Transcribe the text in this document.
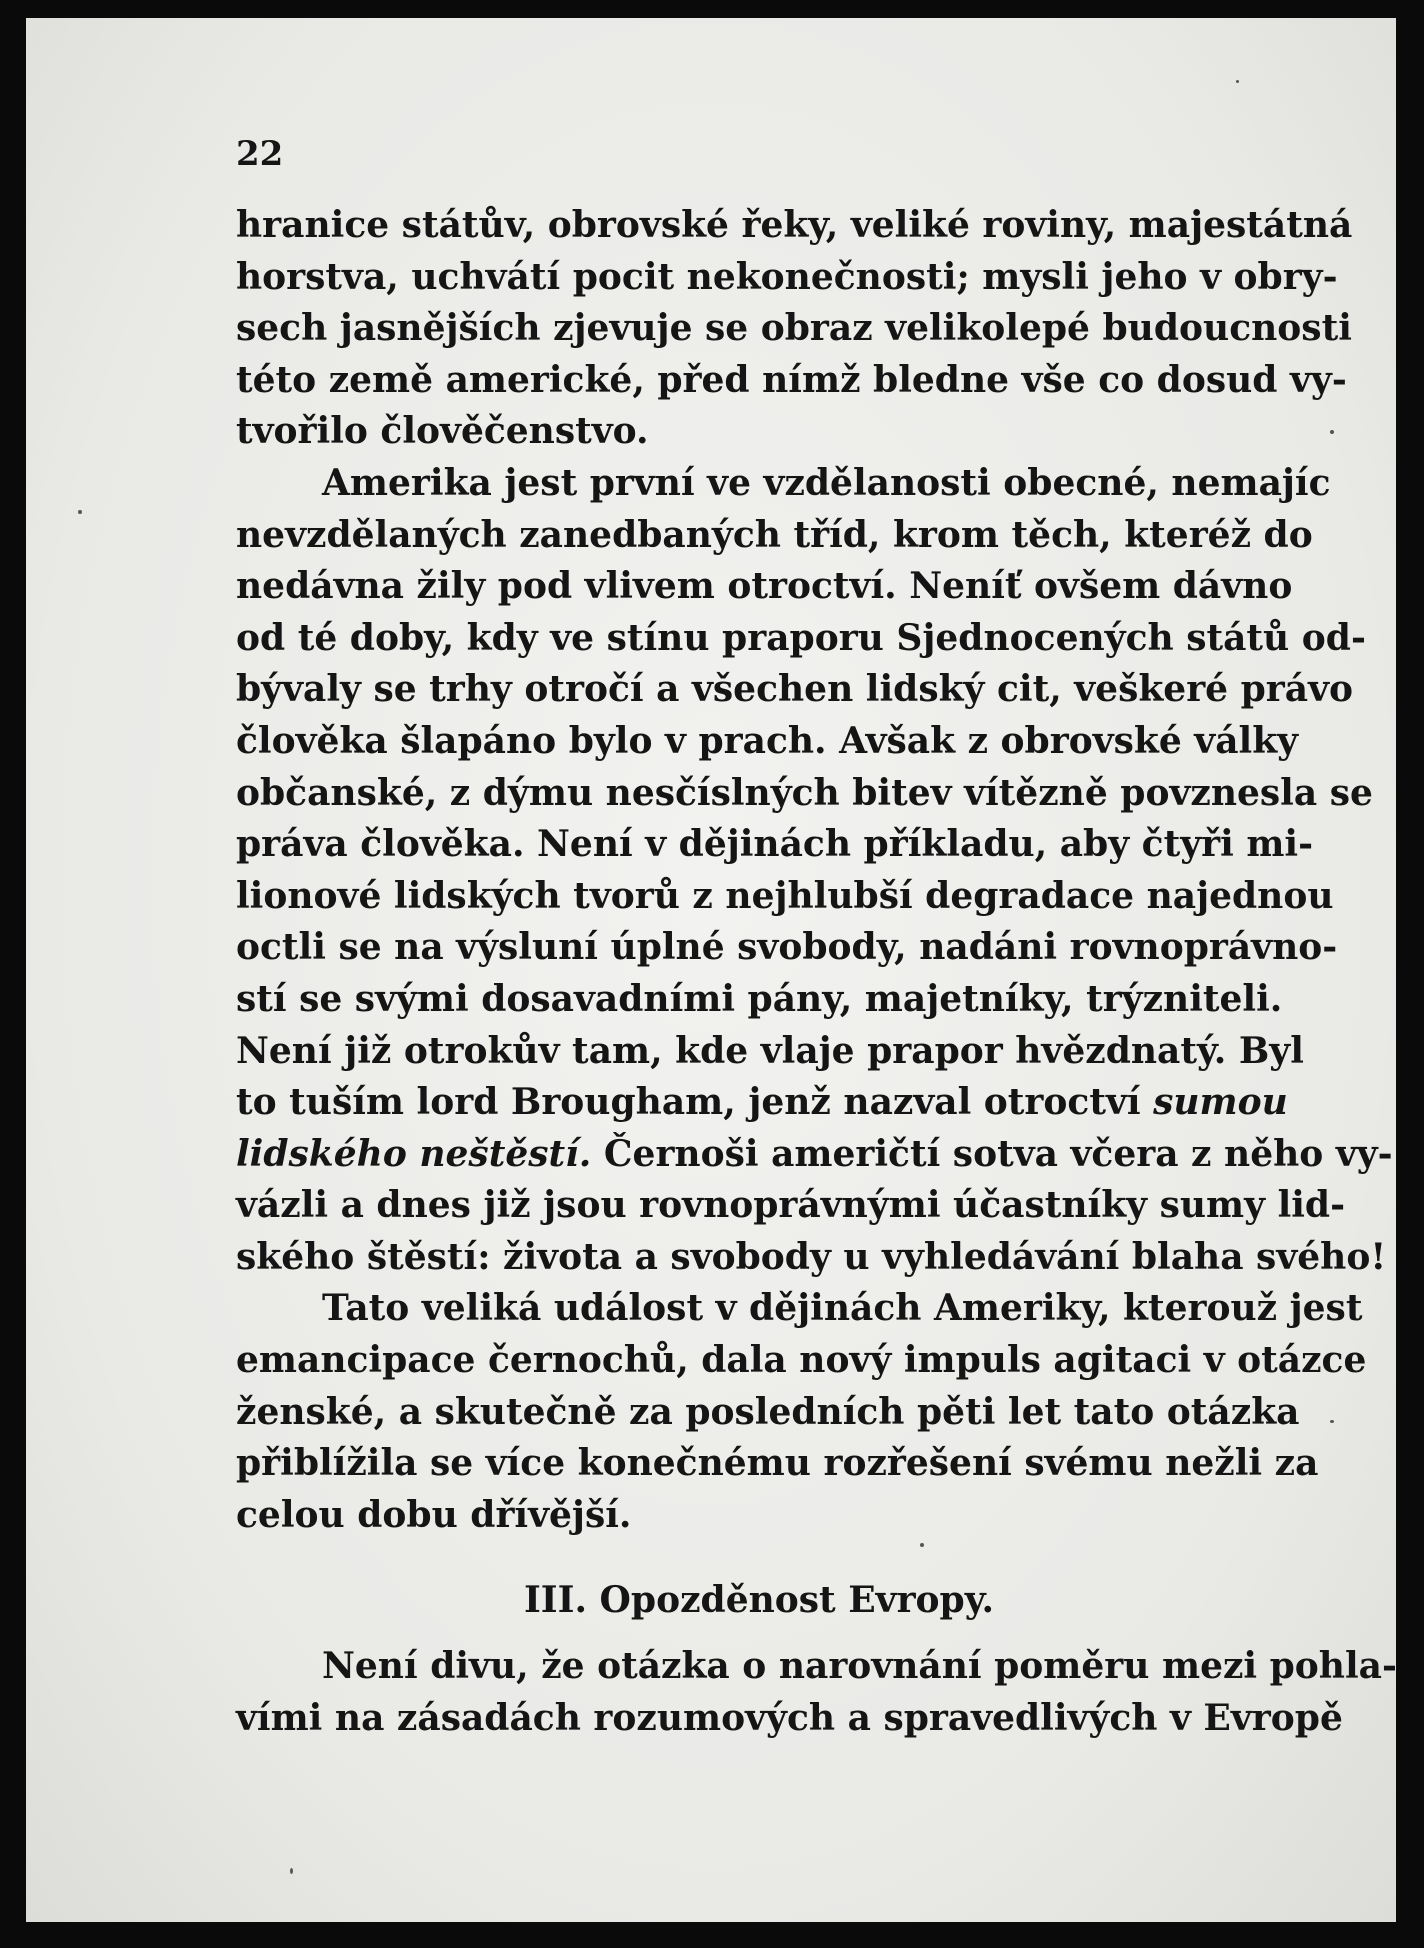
22
hranice státův, obrovské řeky, veliké roviny, majestátná
horstva, uchvátí pocit nekonečnosti; mysli jeho v obry-
sech jasnějších zjevuje se obraz velikolepé budoucnosti
této země americké, před nímž bledne vše co dosud vy-
tvořilo člověčenstvo.
Amerika jest první ve vzdělanosti obecné, nemajíc
nevzdělaných zanedbaných tříd, krom těch, kteréž do
nedávna žily pod vlivem otroctví. Neníť ovšem dávno
od té doby, kdy ve stínu praporu Sjednocených států od-
bývaly se trhy otročí a všechen lidský cit, veškeré právo
člověka šlapáno bylo v prach. Avšak z obrovské války
občanské, z dýmu nesčíslných bitev vítězně povznesla se
práva člověka. Není v dějinách příkladu, aby čtyři mi-
lionové lidských tvorů z nejhlubší degradace najednou
octli se na výsluní úplné svobody, nadáni rovnoprávno-
stí se svými dosavadními pány, majetníky, trýzniteli.
Není již otrokův tam, kde vlaje prapor hvězdnatý. Byl
to tuším lord Brougham, jenž nazval otroctví sumou
lidského neštěstí. Černoši američtí sotva včera z něho vy-
vázli a dnes již jsou rovnoprávnými účastníky sumy lid-
ského štěstí: života a svobody u vyhledávání blaha svého!
Tato veliká událost v dějinách Ameriky, kterouž jest
emancipace černochů, dala nový impuls agitaci v otázce
ženské, a skutečně za posledních pěti let tato otázka
přiblížila se více konečnému rozřešení svému nežli za
celou dobu dřívější.
III. Opozděnost Evropy.
Není divu, že otázka o narovnání poměru mezi pohla-
vími na zásadách rozumových a spravedlivých v Evropě
